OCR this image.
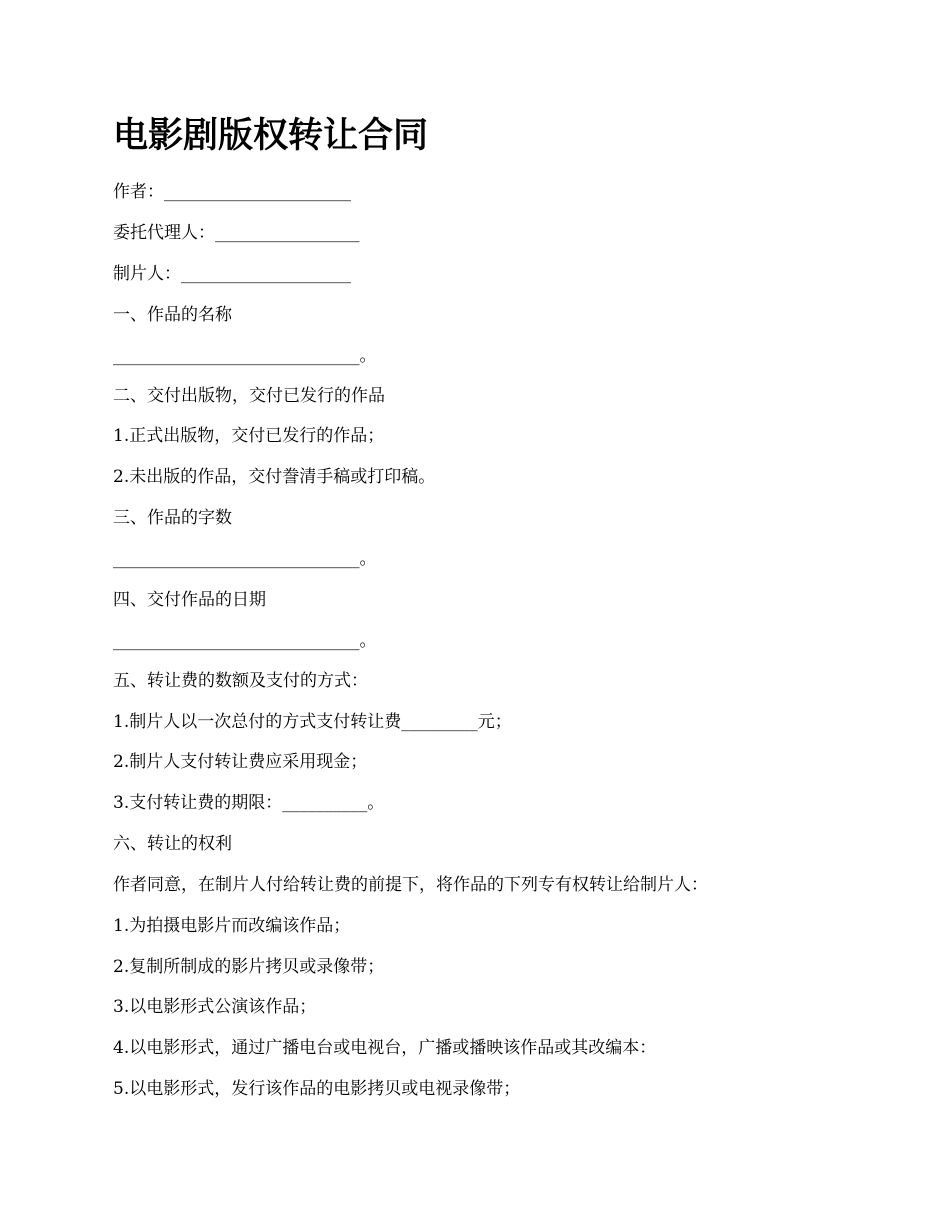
电影剧版权转让合同

作者：______________________

委托代理人：_________________

制片人：____________________

一、作品的名称

_____________________________。

二、交付出版物，交付已发行的作品

1.正式出版物，交付已发行的作品；

2.未出版的作品，交付誊清手稿或打印稿。

三、作品的字数

_____________________________。

四、交付作品的日期

_____________________________。

五、转让费的数额及支付的方式：

1.制片人以一次总付的方式支付转让费_________元；

2.制片人支付转让费应采用现金；

3.支付转让费的期限：__________。

六、转让的权利

作者同意，在制片人付给转让费的前提下，将作品的下列专有权转让给制片人：

1.为拍摄电影片而改编该作品；

2.复制所制成的影片拷贝或录像带；

3.以电影形式公演该作品；

4.以电影形式，通过广播电台或电视台，广播或播映该作品或其改编本：

5.以电影形式，发行该作品的电影拷贝或电视录像带；
